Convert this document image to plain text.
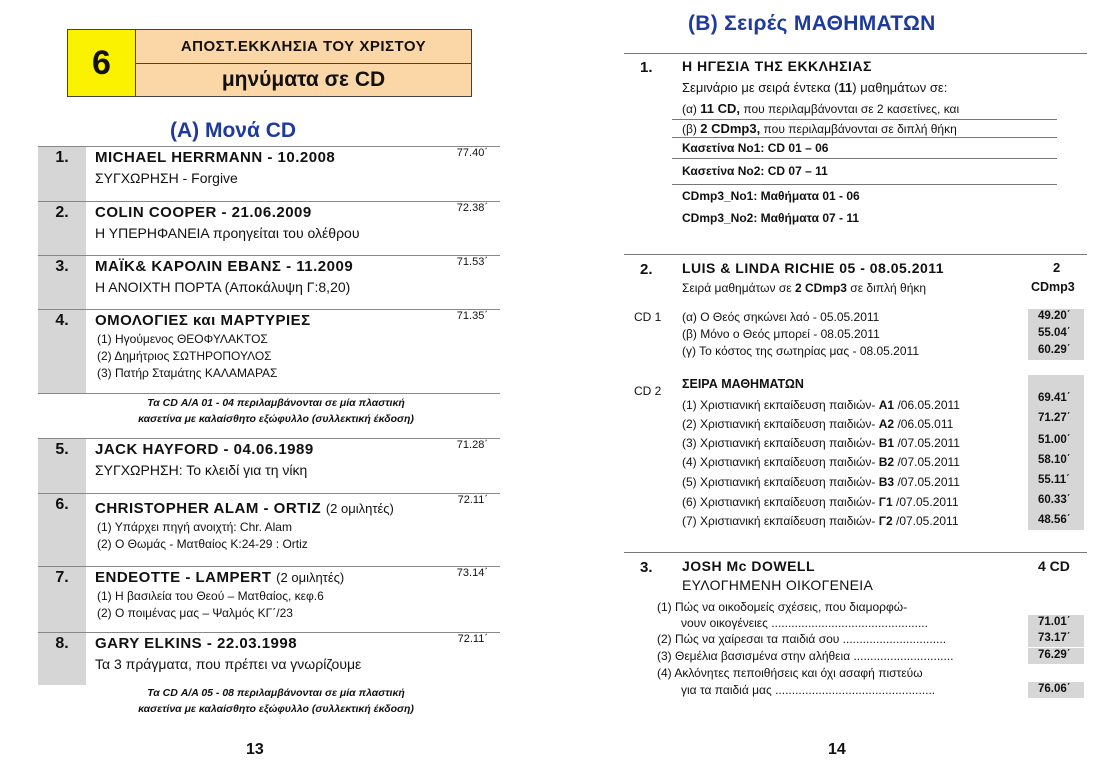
6	ΑΠΟΣΤ.ΕΚΚΛΗΣΙΑ ΤΟΥ ΧΡΙΣΤΟΥ
μηνύματα σε CD
(A) Μονά CD
1.	MICHAEL HERRMANN - 10.2008
ΣΥΓΧΩΡΗΣΗ - Forgive
77.40΄
2.	COLIN COOPER - 21.06.2009
Η ΥΠΕΡΗΦΑΝΕΙΑ προηγείται του ολέθρου
72.38΄
3.	ΜΑΪΚ& ΚΑΡΟΛΙΝ ΕΒΑΝΣ - 11.2009
Η ΑΝΟΙΧΤΗ ΠΟΡΤΑ (Αποκάλυψη Γ:8,20)
71.53΄
4.	ΟΜΟΛΟΓΙΕΣ και ΜΑΡΤΥΡΙΕΣ
(1) Ηγούμενος ΘΕΟΦΥΛΑΚΤΟΣ
(2) Δημήτριος ΣΩΤΗΡΟΠΟΥΛΟΣ
(3) Πατήρ Σταμάτης ΚΑΛΑΜΑΡΑΣ
71.35΄
Τα CD Α/Α 01 - 04 περιλαμβάνονται σε μία πλαστική
κασετίνα με καλαίσθητο εξώφυλλο (συλλεκτική έκδοση)
5.	JACK HAYFORD - 04.06.1989
ΣΥΓΧΩΡΗΣΗ: Το κλειδί για τη νίκη
71.28΄
6.	CHRISTOPHER ALAM - ORTIZ (2 ομιλητές)
(1) Υπάρχει πηγή ανοιχτή: Chr. Alam
(2) Ο Θωμάς - Ματθαίος Κ:24-29 : Ortiz
72.11΄
7.	ENDEOTTE - LAMPERT (2 ομιλητές)
(1) Η βασιλεία του Θεού – Ματθαίος, κεφ.6
(2) Ο ποιμένας μας – Ψαλμός ΚΓ΄/23
73.14΄
8.	GARY ELKINS - 22.03.1998
Τα 3 πράγματα, που πρέπει να γνωρίζουμε
72.11΄
Τα CD Α/Α 05 - 08 περιλαμβάνονται σε μία πλαστική
κασετίνα με καλαίσθητο εξώφυλλο (συλλεκτική έκδοση)
13
(B) Σειρές ΜΑΘΗΜΑΤΩΝ
1. Η ΗΓΕΣΙΑ ΤΗΣ ΕΚΚΛΗΣΙΑΣ
Σεμινάριο με σειρά έντεκα (11) μαθημάτων σε:
(α) 11 CD, που περιλαμβάνονται σε 2 κασετίνες, και
(β) 2 CDmp3, που περιλαμβάνονται σε διπλή θήκη
Κασετίνα Νο1: CD 01 – 06
Κασετίνα Νο2: CD 07 – 11
CDmp3_No1: Μαθήματα 01 - 06
CDmp3_No2: Μαθήματα 07 - 11
2. LUIS & LINDA RICHIE 05 - 08.05.2011	2
CDmp3
Σειρά μαθημάτων σε 2 CDmp3 σε διπλή θήκη
CD 1 (α) Ο Θεός σηκώνει λαό - 05.05.2011	49.20΄
(β) Μόνο ο Θεός μπορεί - 08.05.2011	55.04΄
(γ) Το κόστος της σωτηρίας μας - 08.05.2011	60.29΄
CD 2 ΣΕΙΡΑ ΜΑΘΗΜΑΤΩΝ
(1) Χριστιανική εκπαίδευση παιδιών- Α1 /06.05.2011	69.41΄
(2) Χριστιανική εκπαίδευση παιδιών- Α2 /06.05.011	71.27΄
(3) Χριστιανική εκπαίδευση παιδιών- Β1 /07.05.2011	51.00΄
(4) Χριστιανική εκπαίδευση παιδιών- Β2 /07.05.2011	58.10΄
(5) Χριστιανική εκπαίδευση παιδιών- Β3 /07.05.2011	55.11΄
(6) Χριστιανική εκπαίδευση παιδιών- Γ1 /07.05.2011	60.33΄
(7) Χριστιανική εκπαίδευση παιδιών- Γ2 /07.05.2011	48.56΄
3. JOSH Mc DOWELL	4 CD
ΕΥΛΟΓΗΜΕΝΗ ΟΙΚΟΓΕΝΕΙΑ
(1) Πώς να οικοδομείς σχέσεις, που διαμορφώ-
νουν οικογένειες ...............................................	71.01΄
(2) Πώς να χαίρεσαι τα παιδιά σου ...............................	73.17΄
(3) Θεμέλια βασισμένα στην αλήθεια ..............................	76.29΄
(4) Ακλόνητες πεποιθήσεις και όχι ασαφή πιστεύω
για τα παιδιά μας ................................................	76.06΄
14
